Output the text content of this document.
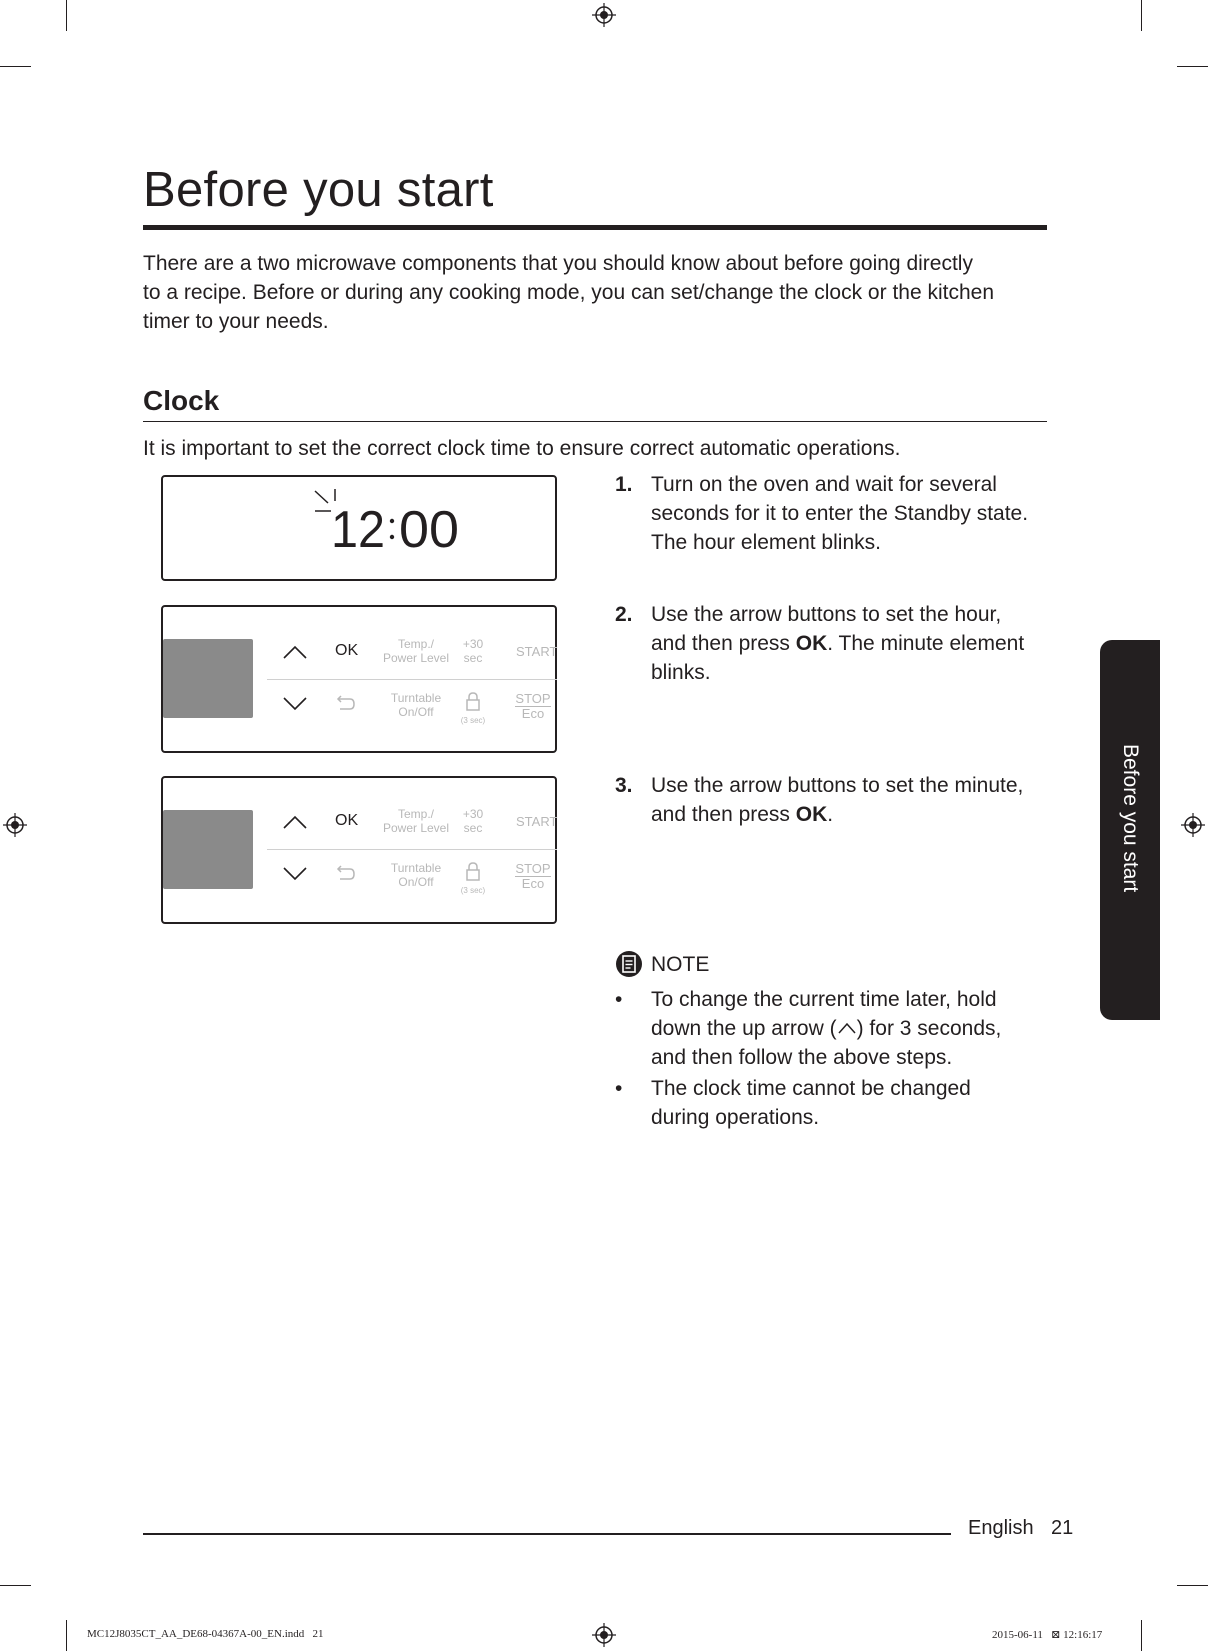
Before you start

There are a two microwave components that you should know about before going directly
to a recipe. Before or during any cooking mode, you can set/change the clock or the kitchen
timer to your needs.

Clock

It is important to set the correct clock time to ensure correct automatic operations.

12 00
OK	Temp./
Power Level
+30
sec	START
Turntable
On/Off
(3 sec)
STOP
Eco
OK	Temp./
Power Level
+30
sec	START
Turntable
On/Off
(3 sec)
STOP
Eco
1. Turn on the oven and wait for several
seconds for it to enter the Standby state.
The hour element blinks.
2. Use the arrow buttons to set the hour,
and then press OK. The minute element
blinks.
3. Use the arrow buttons to set the minute,
and then press OK.
NOTE
• To change the current time later, hold
down the up arrow ( ) for 3 seconds,
and then follow the above steps.
• The clock time cannot be changed
during operations.
Before you start
English 21
MC12J8035CT_AA_DE68-04367A-00_EN.indd   21	2015-06-11   ⊠ 12:16:17
